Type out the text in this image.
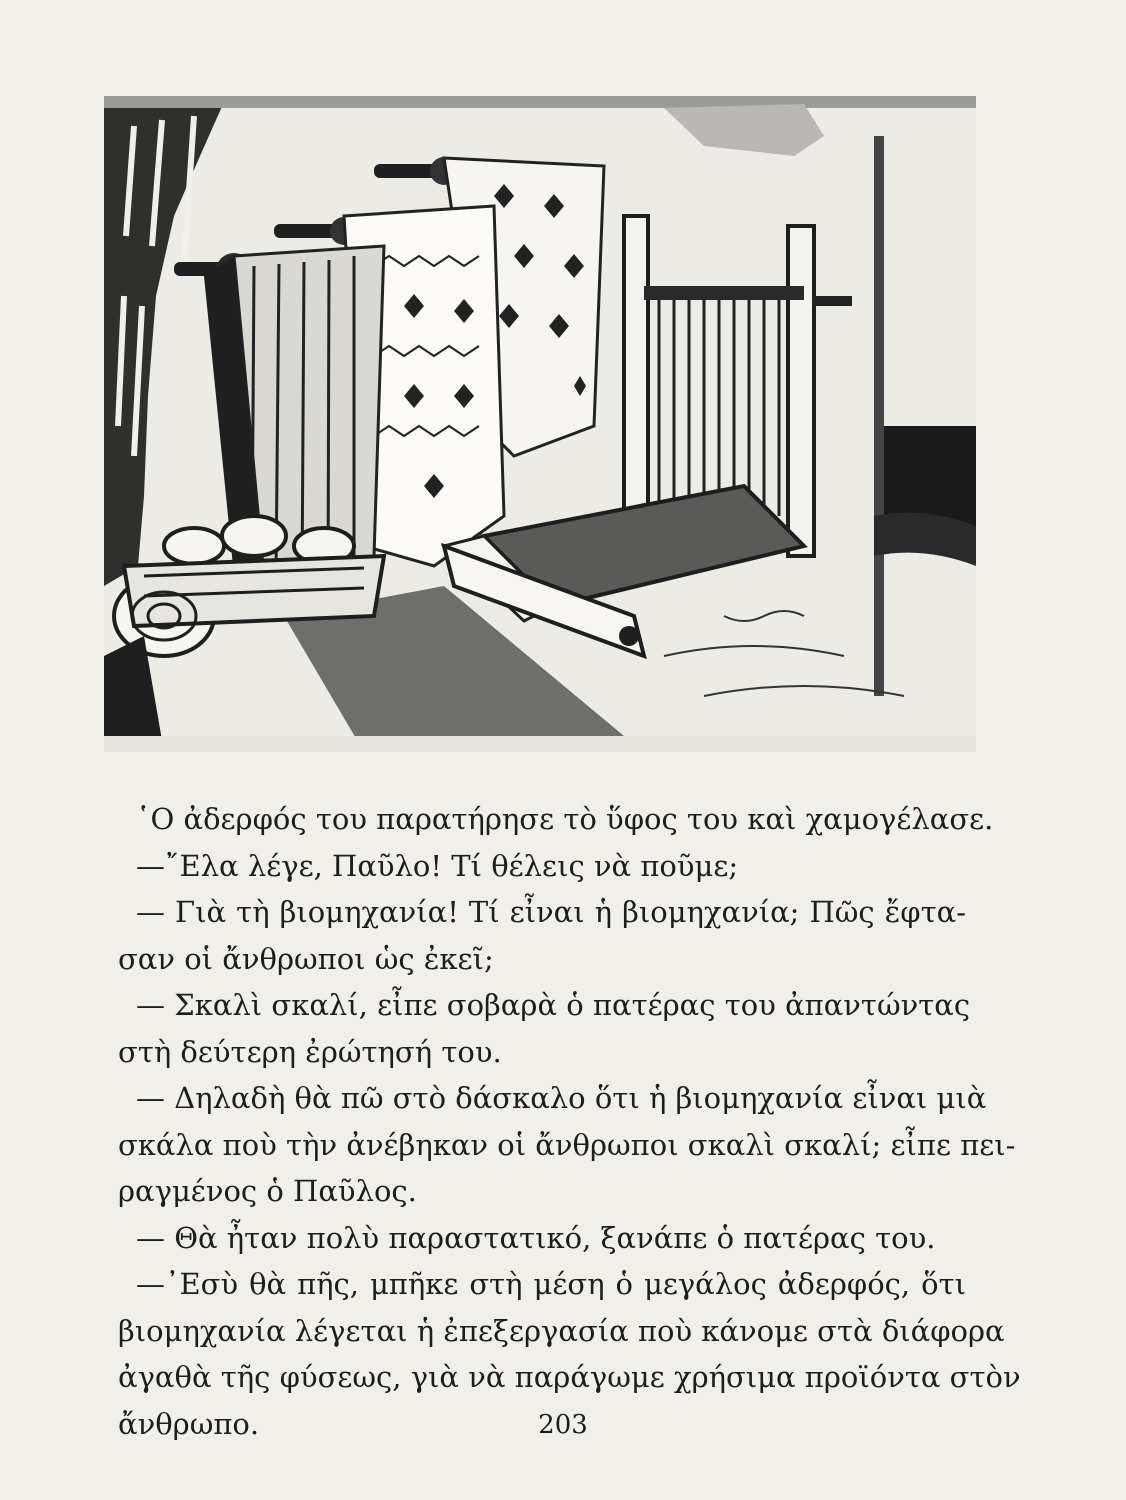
῾Ο ἀδερφός του παρατήρησε τὸ ὕφος του καὶ χαμογέλασε.
—῎Ελα λέγε, Παῦλο! Τί θέλεις νὰ ποῦμε;
— Γιὰ τὴ βιομηχανία! Τί εἶναι ἡ βιομηχανία; Πῶς ἔφτα-
σαν οἱ ἄνθρωποι ὡς ἐκεῖ;
— Σκαλὶ σκαλί, εἶπε σοβαρὰ ὁ πατέρας του ἀπαντώντας
στὴ δεύτερη ἐρώτησή του.
— Δηλαδὴ θὰ πῶ στὸ δάσκαλο ὅτι ἡ βιομηχανία εἶναι μιὰ
σκάλα ποὺ τὴν ἀνέβηκαν οἱ ἄνθρωποι σκαλὶ σκαλί; εἶπε πει-
ραγμένος ὁ Παῦλος.
— Θὰ ἦταν πολὺ παραστατικό, ξανάπε ὁ πατέρας του.
—᾽Εσὺ θὰ πῆς, μπῆκε στὴ μέση ὁ μεγάλος ἀδερφός, ὅτι
βιομηχανία λέγεται ἡ ἐπεξεργασία ποὺ κάνομε στὰ διάφορα
ἀγαθὰ τῆς φύσεως, γιὰ νὰ παράγωμε χρήσιμα προϊόντα στὸν
ἄνθρωπο.	203
